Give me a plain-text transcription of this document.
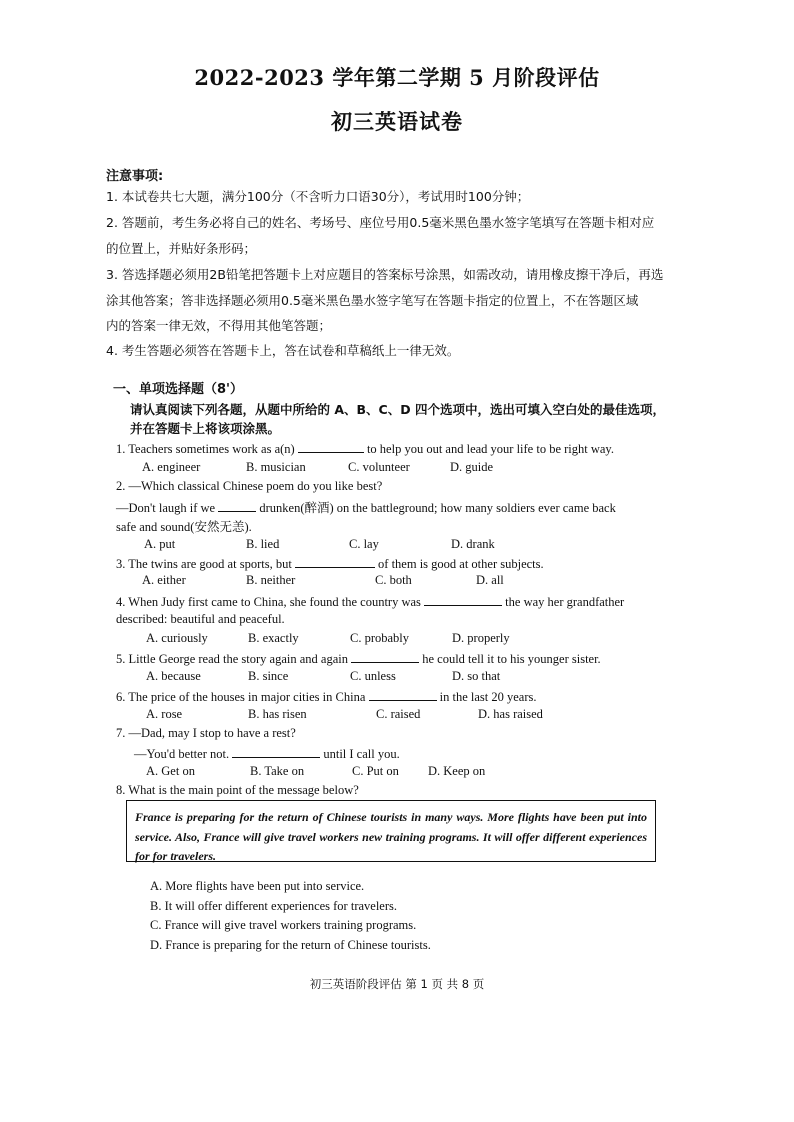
2022-2023 学年第二学期 5 月阶段评估
初三英语试卷
注意事项:
1. 本试卷共七大题，满分100分（不含听力口语30分），考试用时100分钟；
2. 答题前，考生务必将自己的姓名、考场号、座位号用0.5毫米黑色墨水签字笔填写在答题卡相对应
的位置上，并贴好条形码；
3. 答选择题必须用2B铅笔把答题卡上对应题目的答案标号涂黑，如需改动，请用橡皮擦干净后，再选
涂其他答案；答非选择题必须用0.5毫米黑色墨水签字笔写在答题卡指定的位置上，不在答题区域
内的答案一律无效，不得用其他笔答题；
4. 考生答题必须答在答题卡上，答在试卷和草稿纸上一律无效。
一、单项选择题（8'）
请认真阅读下列各题，从题中所给的 A、B、C、D 四个选项中，选出可填入空白处的最佳选项，并在答题卡上将该项涂黑。
1. Teachers sometimes work as a(n)	to help you out and lead your life to be right way.
A. engineer	B. musician	C. volunteer	D. guide
2. —Which classical Chinese poem do you like best?
—Don't laugh if we	drunken(醉酒) on the battleground; how many soldiers ever came back
safe and sound(安然无恙).
A. put	B. lied	C. lay	D. drank
3. The twins are good at sports, but	of them is good at other subjects.
A. either	B. neither	C. both	D. all
4. When Judy first came to China, she found the country was	the way her grandfather
described: beautiful and peaceful.
A. curiously	B. exactly	C. probably	D. properly
5. Little George read the story again and again	he could tell it to his younger sister.
A. because	B. since	C. unless	D. so that
6. The price of the houses in major cities in China	in the last 20 years.
A. rose	B. has risen	C. raised	D. has raised
7. —Dad, may I stop to have a rest?
—You'd better not.	until I call you.
A. Get on	B. Take on	C. Put on D. Keep on
8. What is the main point of the message below?
France is preparing for the return of Chinese tourists in many ways. More flights have been put into service. Also, France will give travel workers new training programs. It will offer different experiences for for travelers.
A. More flights have been put into service.
B. It will offer different experiences for travelers.
C. France will give travel workers training programs.
D. France is preparing for the return of Chinese tourists.
初三英语阶段评估 第 1 页 共 8 页
